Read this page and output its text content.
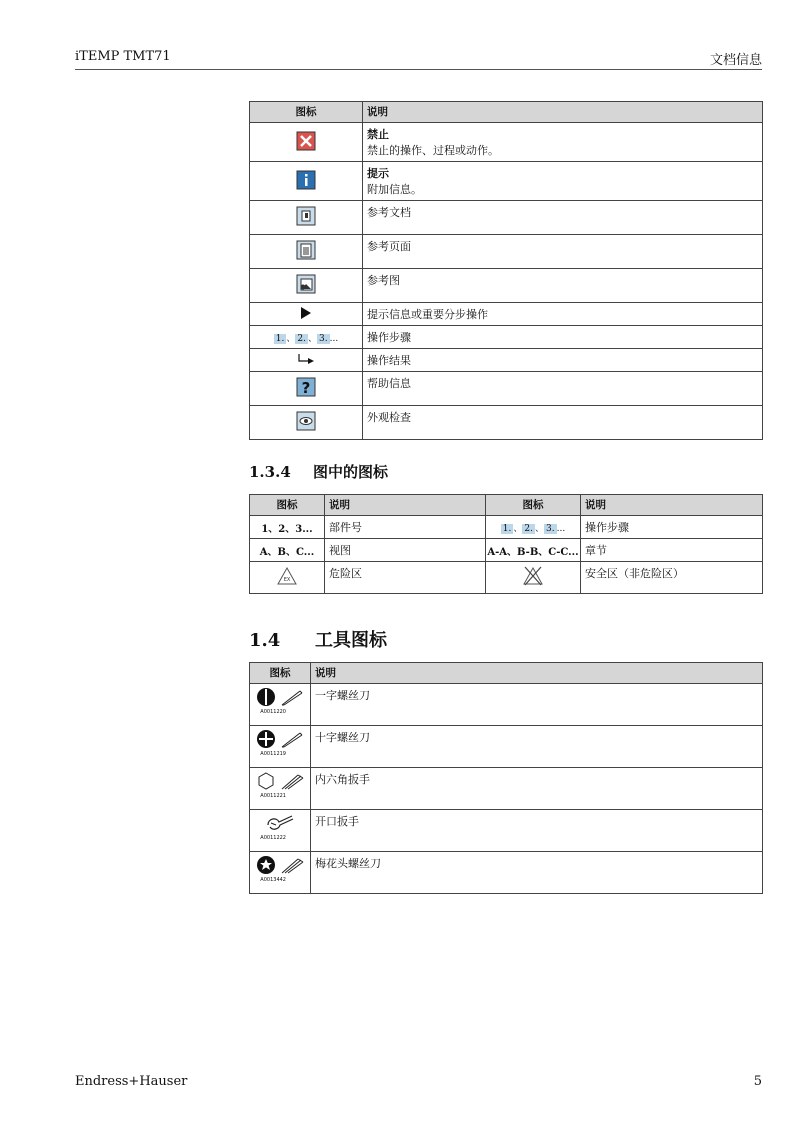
iTEMP TMT71	文档信息
图标	说明
	禁止
禁止的操作、过程或动作。
	提示
附加信息。
	参考文档
	参考页面
	参考图
	提示信息或重要分步操作
1. 、 2. 、 3. ...	操作步骤
	操作结果

?	帮助信息
	外观检查
1.3.4 图中的图标
图标	说明	图标	说明
1、2、3...	部件号	1. 、 2. 、 3. ...	操作步骤
A、B、C...	视图	A-A、B-B、C-C...	章节

EX	危险区		安全区（非危险区）
1.4 工具图标
图标	说明

A0011220	一字螺丝刀

A0011219	十字螺丝刀

A0011221	内六角扳手

A0011222	开口扳手

A0013442	梅花头螺丝刀
Endress+Hauser	5
